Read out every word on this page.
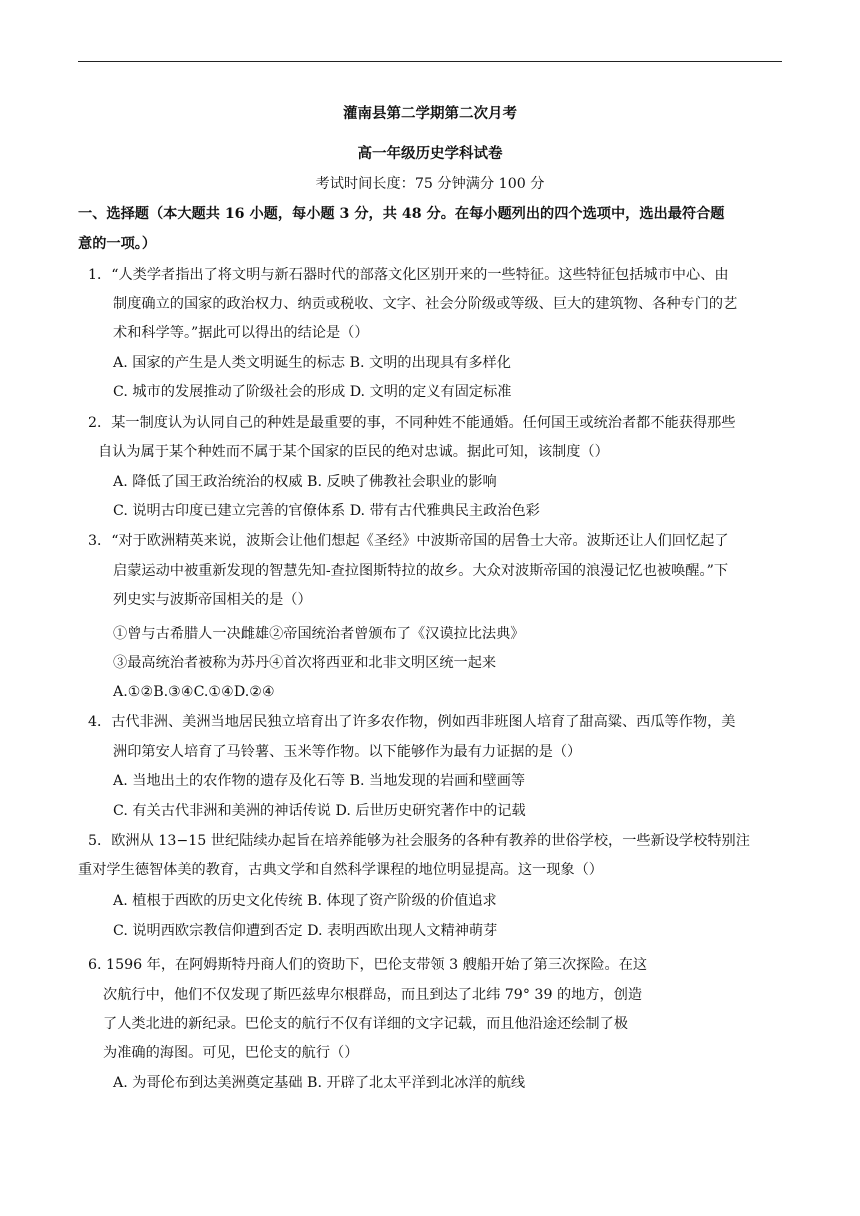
灌南县第二学期第二次月考
高一年级历史学科试卷
考试时间长度：75 分钟满分 100 分
一、选择题（本大题共 16 小题，每小题 3 分，共 48 分。在每小题列出的四个选项中，选出最符合题
意的一项。）
1．“人类学者指出了将文明与新石器时代的部落文化区别开来的一些特征。这些特征包括城市中心、由
制度确立的国家的政治权力、纳贡或税收、文字、社会分阶级或等级、巨大的建筑物、各种专门的艺
术和科学等。”据此可以得出的结论是（）
A. 国家的产生是人类文明诞生的标志 B. 文明的出现具有多样化
C. 城市的发展推动了阶级社会的形成 D. 文明的定义有固定标准
2．某一制度认为认同自己的种姓是最重要的事，不同种姓不能通婚。任何国王或统治者都不能获得那些
自认为属于某个种姓而不属于某个国家的臣民的绝对忠诚。据此可知，该制度（）
A. 降低了国王政治统治的权威 B. 反映了佛教社会职业的影响
C. 说明古印度已建立完善的官僚体系 D. 带有古代雅典民主政治色彩
3．“对于欧洲精英来说，波斯会让他们想起《圣经》中波斯帝国的居鲁士大帝。波斯还让人们回忆起了
启蒙运动中被重新发现的智慧先知-查拉图斯特拉的故乡。大众对波斯帝国的浪漫记忆也被唤醒。”下
列史实与波斯帝国相关的是（）
①曾与古希腊人一决雌雄②帝国统治者曾颁布了《汉谟拉比法典》
③最高统治者被称为苏丹④首次将西亚和北非文明区统一起来
A.①②B.③④C.①④D.②④
4．古代非洲、美洲当地居民独立培育出了许多农作物，例如西非班图人培育了甜高粱、西瓜等作物，美
洲印第安人培育了马铃薯、玉米等作物。以下能够作为最有力证据的是（）
A. 当地出土的农作物的遗存及化石等 B. 当地发现的岩画和壁画等
C. 有关古代非洲和美洲的神话传说 D. 后世历史研究著作中的记载
5．欧洲从 13−15 世纪陆续办起旨在培养能够为社会服务的各种有教养的世俗学校，一些新设学校特别注
重对学生德智体美的教育，古典文学和自然科学课程的地位明显提高。这一现象（）
A. 植根于西欧的历史文化传统 B. 体现了资产阶级的价值追求
C. 说明西欧宗教信仰遭到否定 D. 表明西欧出现人文精神萌芽
6. 1596 年，在阿姆斯特丹商人们的资助下，巴伦支带领 3 艘船开始了第三次探险。在这
次航行中，他们不仅发现了斯匹兹卑尔根群岛，而且到达了北纬 79° 39 的地方，创造
了人类北进的新纪录。巴伦支的航行不仅有详细的文字记载，而且他沿途还绘制了极
为准确的海图。可见，巴伦支的航行（）
A. 为哥伦布到达美洲奠定基础 B. 开辟了北太平洋到北冰洋的航线
